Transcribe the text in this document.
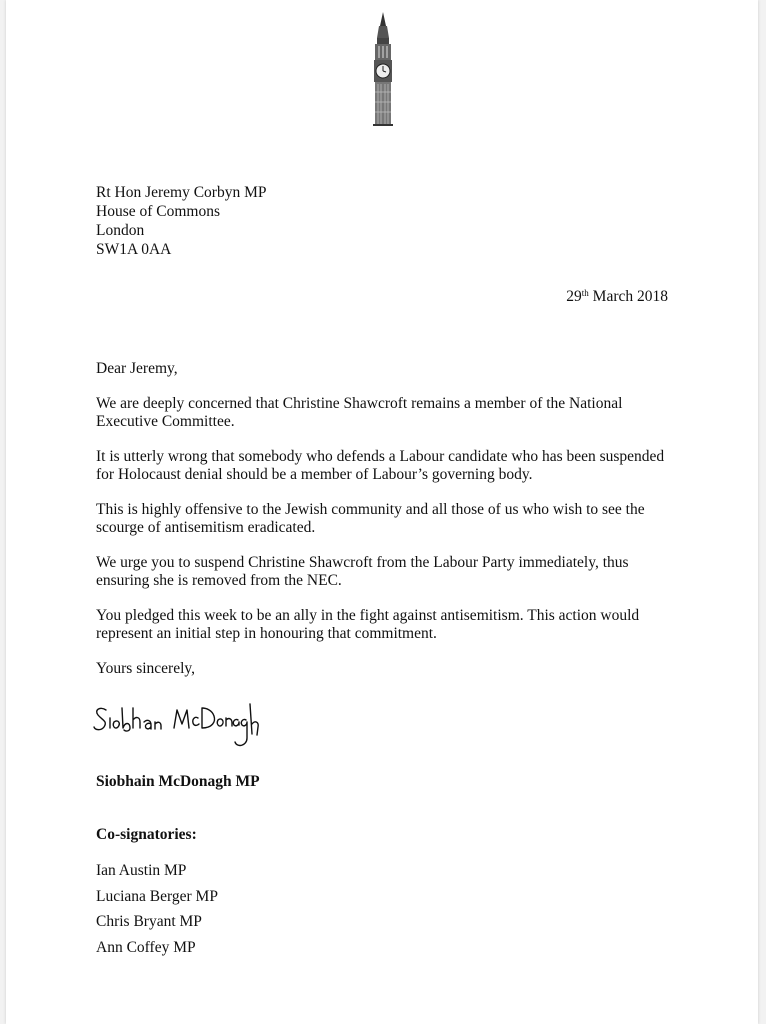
Rt Hon Jeremy Corbyn MP
House of Commons
London
SW1A 0AA
29th March 2018

Dear Jeremy,

We are deeply concerned that Christine Shawcroft remains a member of the National Executive Committee.

It is utterly wrong that somebody who defends a Labour candidate who has been suspended for Holocaust denial should be a member of Labour’s governing body.

This is highly offensive to the Jewish community and all those of us who wish to see the scourge of antisemitism eradicated.

We urge you to suspend Christine Shawcroft from the Labour Party immediately, thus ensuring she is removed from the NEC.

You pledged this week to be an ally in the fight against antisemitism. This action would represent an initial step in honouring that commitment.

Yours sincerely,

Siobhain McDonagh MP
Co-signatories:
Ian Austin MP
Luciana Berger MP
Chris Bryant MP
Ann Coffey MP
